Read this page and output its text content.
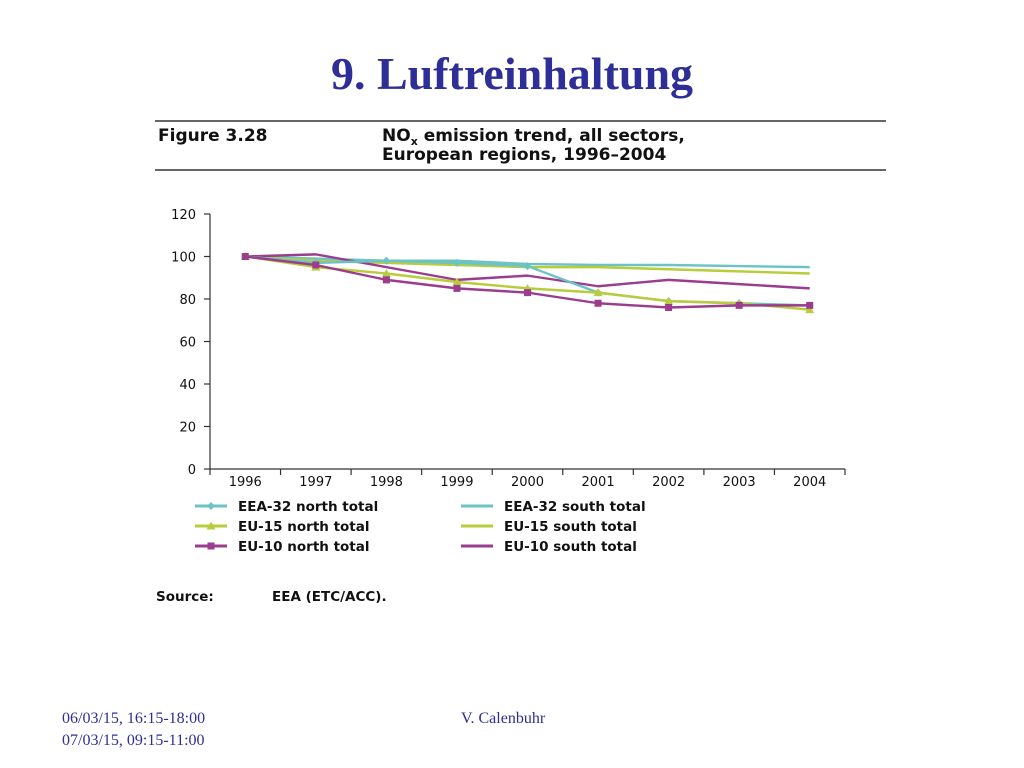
9. Luftreinhaltung
Figure 3.28	$NO_x$ emission trend, all sectors,
European regions, 1996–2004
0
20
40
60
80
100
120
1996	1997	1998	1999	2000	2001	2002	2003	2004
EEA-32 north total	EEA-32 south total
EU-15 north total	EU-15 south total
EU-10 north total	EU-10 south total
Source:	EEA (ETC/ACC).
06/03/15, 16:15-18:00
07/03/15, 09:15-11:00
V. Calenbuhr
